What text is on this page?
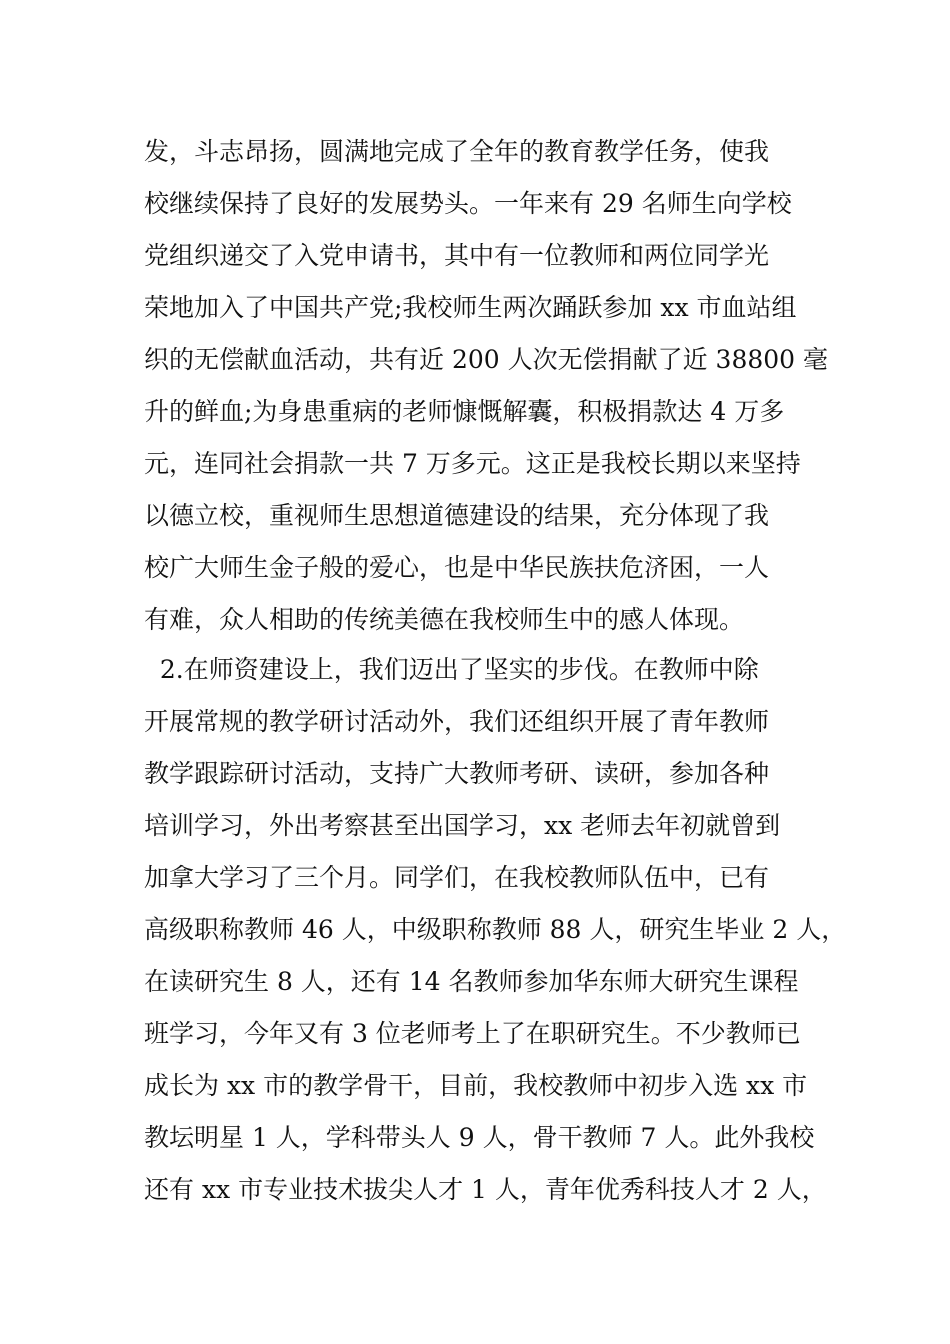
发，斗志昂扬，圆满地完成了全年的教育教学任务，使我
校继续保持了良好的发展势头。一年来有 29 名师生向学校
党组织递交了入党申请书，其中有一位教师和两位同学光
荣地加入了中国共产党;我校师生两次踊跃参加 xx 市血站组
织的无偿献血活动，共有近 200 人次无偿捐献了近 38800 毫
升的鲜血;为身患重病的老师慷慨解囊，积极捐款达 4 万多
元，连同社会捐款一共 7 万多元。这正是我校长期以来坚持
以德立校，重视师生思想道德建设的结果，充分体现了我
校广大师生金子般的爱心，也是中华民族扶危济困，一人
有难，众人相助的传统美德在我校师生中的感人体现。
2.在师资建设上，我们迈出了坚实的步伐。在教师中除
开展常规的教学研讨活动外，我们还组织开展了青年教师
教学跟踪研讨活动，支持广大教师考研、读研，参加各种
培训学习，外出考察甚至出国学习，xx 老师去年初就曾到
加拿大学习了三个月。同学们，在我校教师队伍中，已有
高级职称教师 46 人，中级职称教师 88 人，研究生毕业 2 人，
在读研究生 8 人，还有 14 名教师参加华东师大研究生课程
班学习，今年又有 3 位老师考上了在职研究生。不少教师已
成长为 xx 市的教学骨干，目前，我校教师中初步入选 xx 市
教坛明星 1 人，学科带头人 9 人，骨干教师 7 人。此外我校
还有 xx 市专业技术拔尖人才 1 人，青年优秀科技人才 2 人，
